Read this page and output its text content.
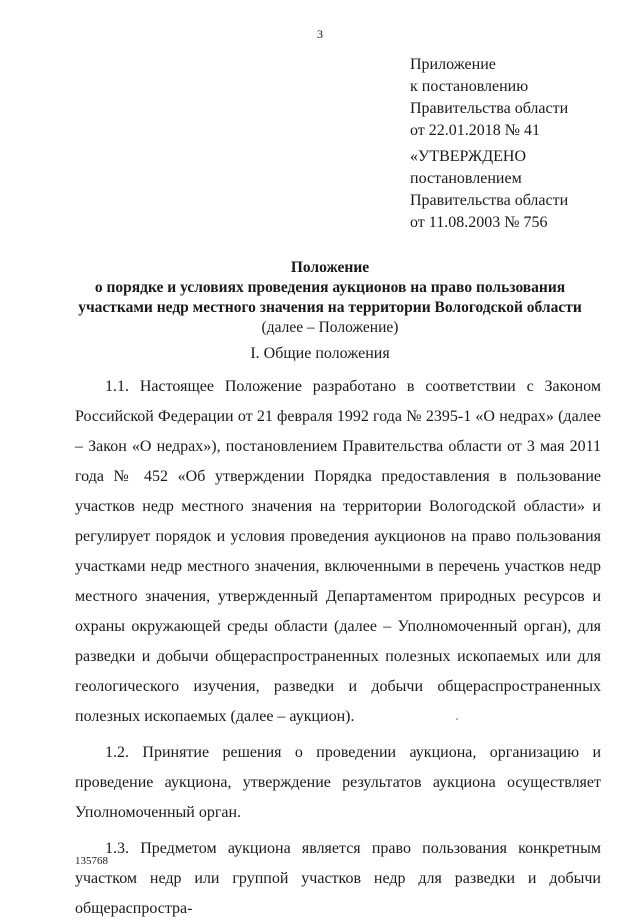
3
Приложение
к постановлению
Правительства области
от 22.01.2018 № 41
«УТВЕРЖДЕНО
постановлением
Правительства области
от 11.08.2003 № 756
Положение
о порядке и условиях проведения аукционов на право пользования
участками недр местного значения на территории Вологодской области
(далее – Положение)
I. Общие положения

1.1. Настоящее Положение разработано в соответствии с Законом Российской Федерации от 21 февраля 1992 года № 2395-1 «О недрах» (далее – Закон «О недрах»), постановлением Правительства области от 3 мая 2011 года № 452 «Об утверждении Порядка предоставления в пользование участков недр местного значения на территории Вологодской области» и регулирует порядок и условия проведения аукционов на право пользования участками недр местного значения, включенными в перечень участков недр местного значения, утвержденный Департаментом природных ресурсов и охраны окружающей среды области (далее – Уполномоченный орган), для разведки и добычи общераспространенных полезных ископаемых или для геологического изучения, разведки и добычи общераспространенных полезных ископаемых (далее – аукцион).

1.2. Принятие решения о проведении аукциона, организацию и проведение аукциона, утверждение результатов аукциона осуществляет Уполномоченный орган.

1.3. Предметом аукциона является право пользования конкретным участком недр или группой участков недр для разведки и добычи общераспростра-

135768
